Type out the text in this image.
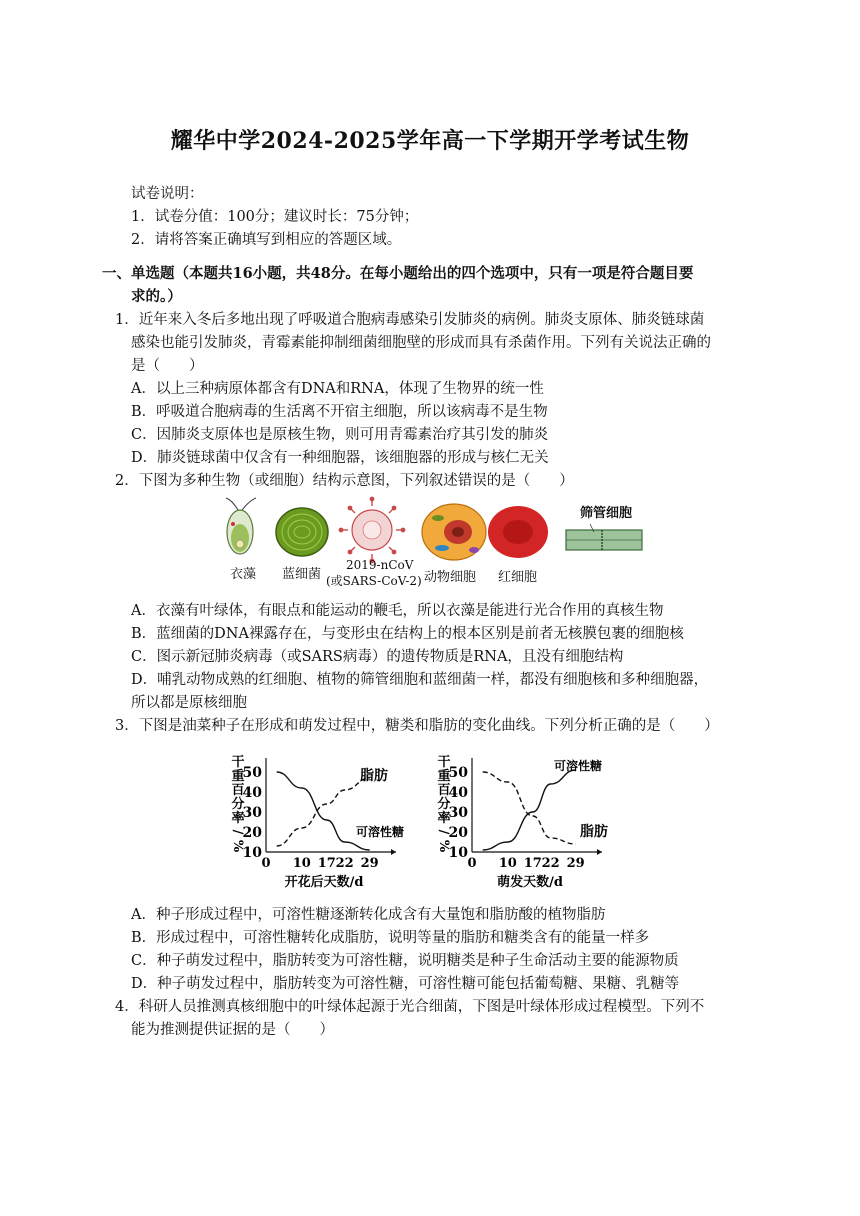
耀华中学2024-2025学年高一下学期开学考试生物
试卷说明：
1．试卷分值：100分；建议时长：75分钟；
2．请将答案正确填写到相应的答题区域。
一、单选题（本题共16小题，共48分。在每小题给出的四个选项中，只有一项是符合题目要
求的。）
1．近年来入冬后多地出现了呼吸道合胞病毒感染引发肺炎的病例。肺炎支原体、肺炎链球菌
感染也能引发肺炎，青霉素能抑制细菌细胞壁的形成而具有杀菌作用。下列有关说法正确的
是（　　）
A．以上三种病原体都含有DNA和RNA，体现了生物界的统一性
B．呼吸道合胞病毒的生活离不开宿主细胞，所以该病毒不是生物
C．因肺炎支原体也是原核生物，则可用青霉素治疗其引发的肺炎
D．肺炎链球菌中仅含有一种细胞器，该细胞器的形成与核仁无关
2．下图为多种生物（或细胞）结构示意图，下列叙述错误的是（　　）
衣藻 蓝细菌
2019-nCoV
(或SARS-CoV-2) 动物细胞 红细胞
筛管细胞
A．衣藻有叶绿体，有眼点和能运动的鞭毛，所以衣藻是能进行光合作用的真核生物
B．蓝细菌的DNA裸露存在，与变形虫在结构上的根本区别是前者无核膜包裹的细胞核
C．图示新冠肺炎病毒（或SARS病毒）的遗传物质是RNA，且没有细胞结构
D．哺乳动物成熟的红细胞、植物的筛管细胞和蓝细菌一样，都没有细胞核和多种细胞器，
所以都是原核细胞
3．下图是油菜种子在形成和萌发过程中，糖类和脂肪的变化曲线。下列分析正确的是（　　）
干
重
百
分
率
/
%
10
20
30
40
50
0 10 17 22 29
开花后天数/d
可溶性糖
脂肪
干
重
百
分
率
/
%
10
20
30
40
50
0 10 17 22 29
萌发天数/d
可溶性糖
脂肪
A．种子形成过程中，可溶性糖逐渐转化成含有大量饱和脂肪酸的植物脂肪
B．形成过程中，可溶性糖转化成脂肪，说明等量的脂肪和糖类含有的能量一样多
C．种子萌发过程中，脂肪转变为可溶性糖，说明糖类是种子生命活动主要的能源物质
D．种子萌发过程中，脂肪转变为可溶性糖，可溶性糖可能包括葡萄糖、果糖、乳糖等
4．科研人员推测真核细胞中的叶绿体起源于光合细菌，下图是叶绿体形成过程模型。下列不
能为推测提供证据的是（　　）
